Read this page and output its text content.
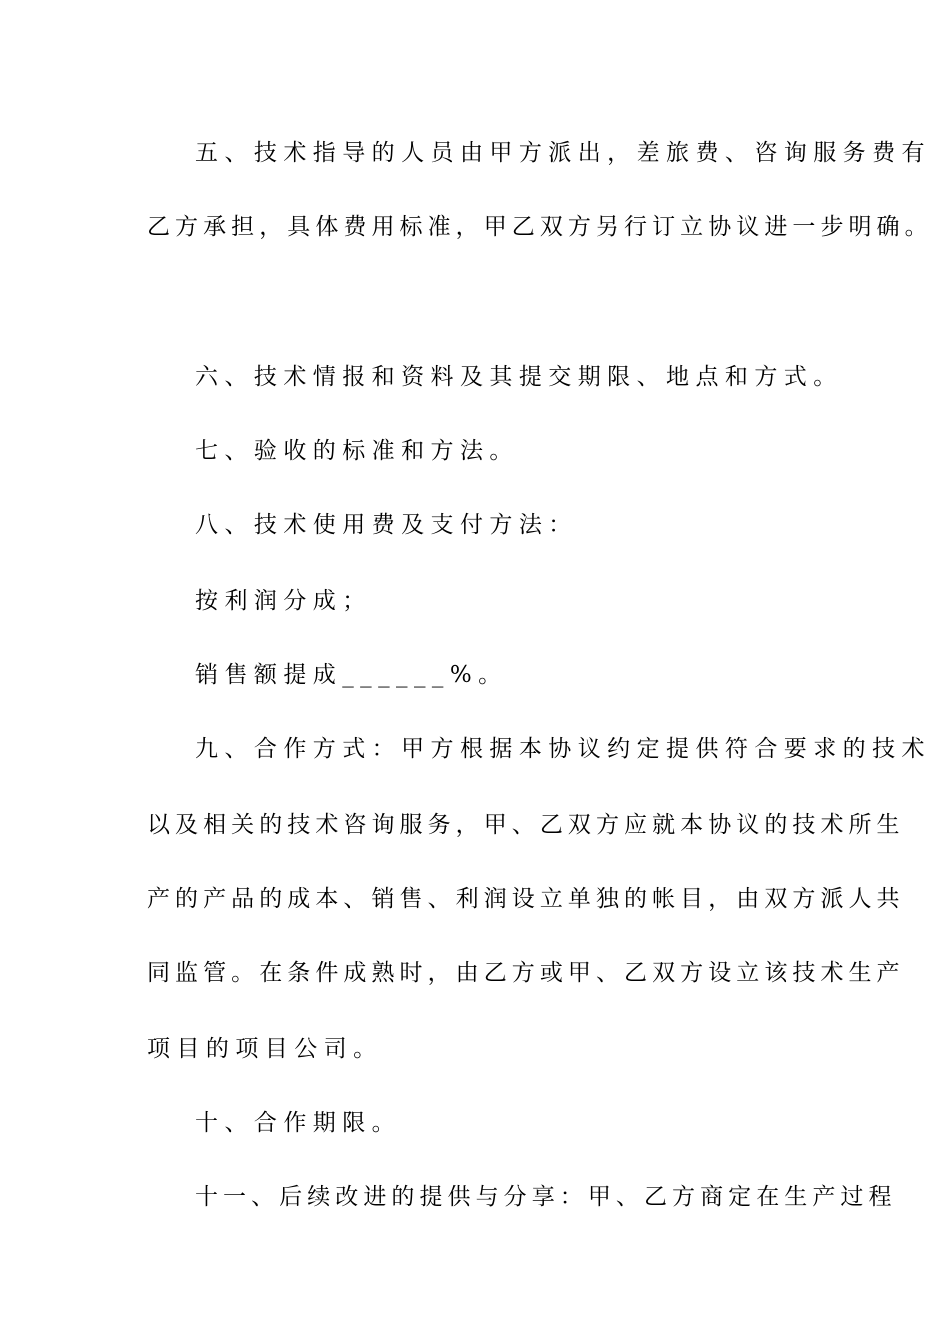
五、技术指导的人员由甲方派出，差旅费、咨询服务费有
乙方承担，具体费用标准，甲乙双方另行订立协议进一步明确。
六、技术情报和资料及其提交期限、地点和方式。
七、验收的标准和方法。
八、技术使用费及支付方法：
按利润分成；
销售额提成______%。
九、合作方式：甲方根据本协议约定提供符合要求的技术
以及相关的技术咨询服务，甲、乙双方应就本协议的技术所生
产的产品的成本、销售、利润设立单独的帐目，由双方派人共
同监管。在条件成熟时，由乙方或甲、乙双方设立该技术生产
项目的项目公司。
十、合作期限。
十一、后续改进的提供与分享：甲、乙方商定在生产过程
